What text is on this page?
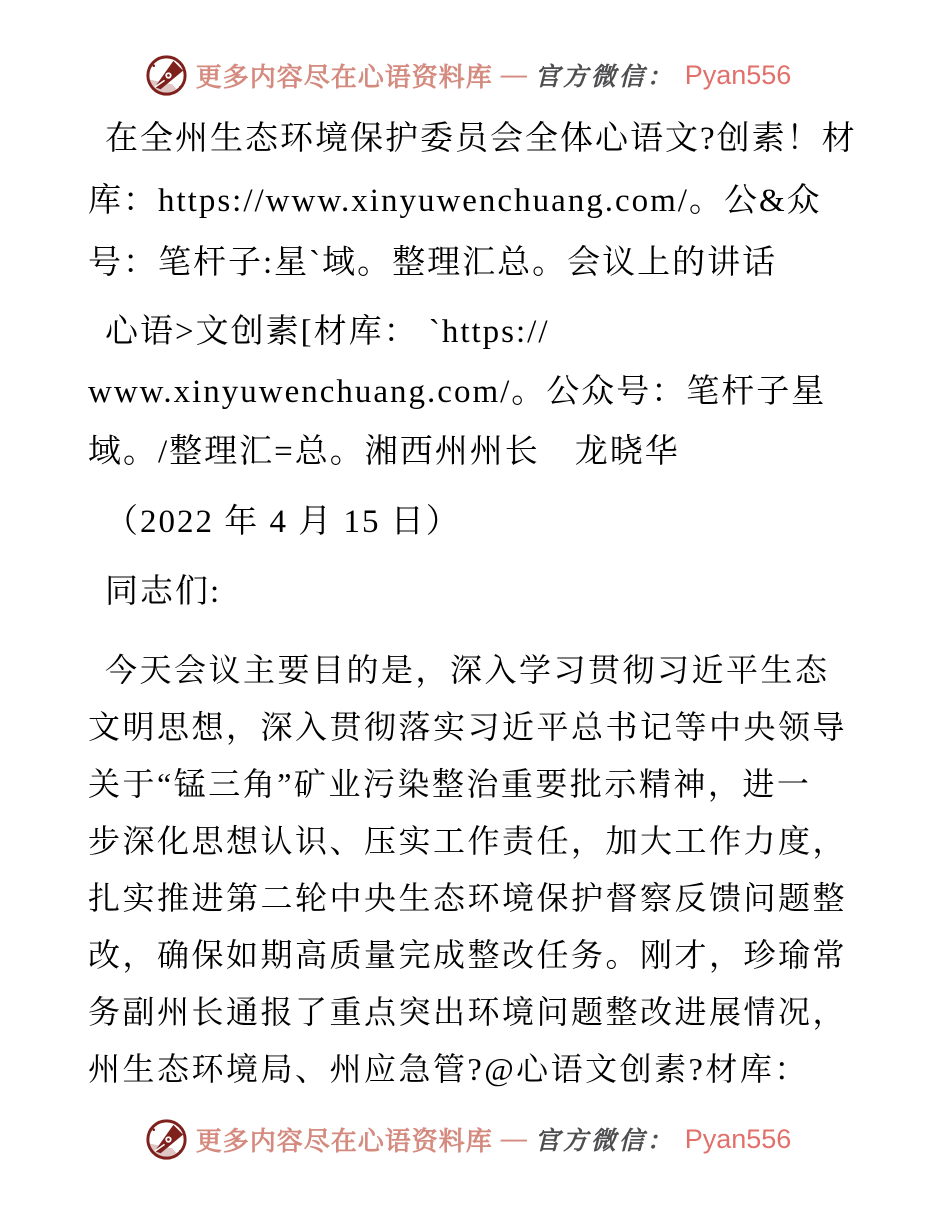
更多内容尽在心语资料库 — 官方微信： Pyan556
在全州生态环境保护委员会全体心语文?创素！材
库：https://www.xinyuwenchuang.com/。公&众
号：笔杆子:星`域。整理汇总。会议上的讲话
心语>文创素[材库： `https://
www.xinyuwenchuang.com/。公众号：笔杆子星
域。/整理汇=总。湘西州州长　龙晓华
（2022 年 4 月 15 日）
同志们:
今天会议主要目的是，深入学习贯彻习近平生态
文明思想，深入贯彻落实习近平总书记等中央领导
关于“锰三角”矿业污染整治重要批示精神，进一
步深化思想认识、压实工作责任，加大工作力度，
扎实推进第二轮中央生态环境保护督察反馈问题整
改，确保如期高质量完成整改任务。刚才，珍瑜常
务副州长通报了重点突出环境问题整改进展情况，
州生态环境局、州应急管?@心语文创素?材库：
更多内容尽在心语资料库 — 官方微信： Pyan556
